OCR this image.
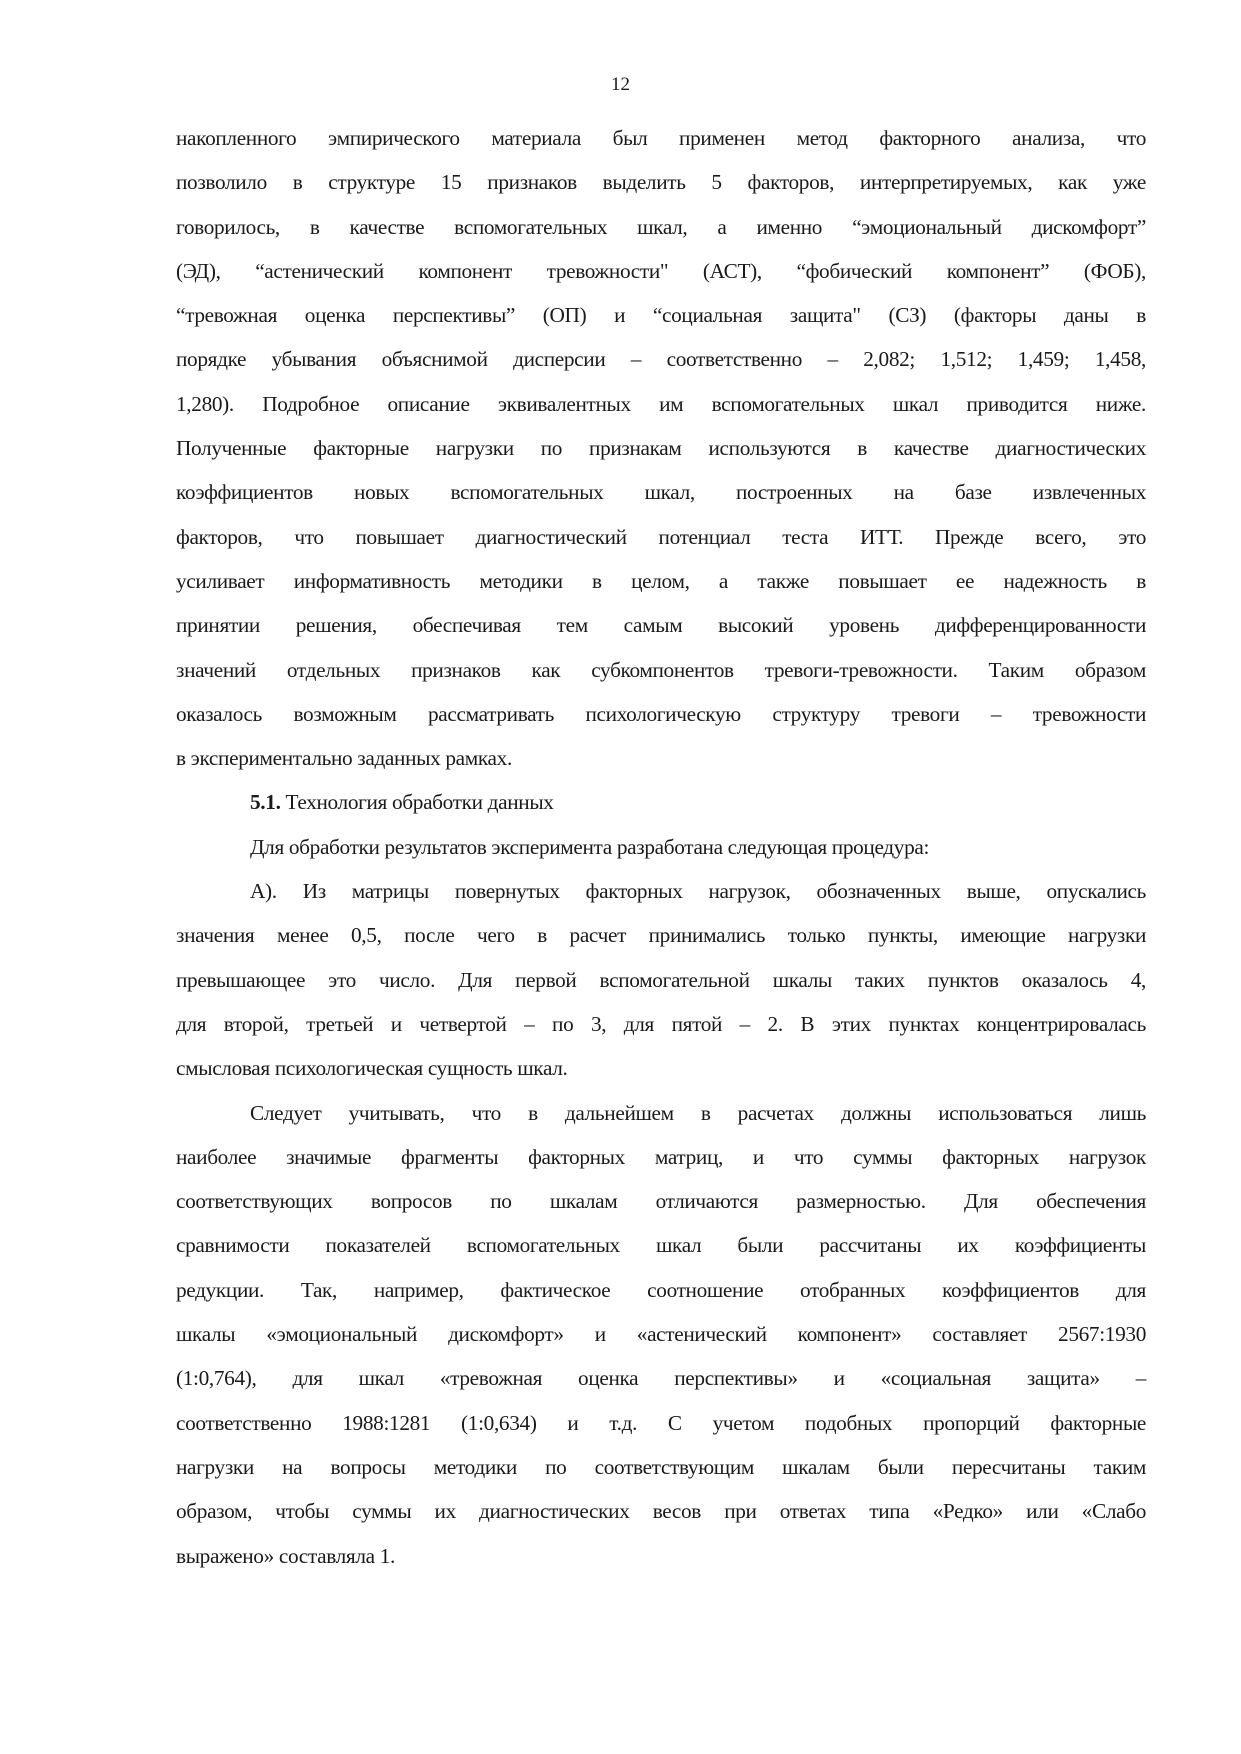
12
накопленного эмпирического материала был применен метод факторного анализа, что
позволило в структуре 15 признаков выделить 5 факторов, интерпретируемых, как уже
говорилось, в качестве вспомогательных шкал, а именно “эмоциональный дискомфорт”
(ЭД), “астенический компонент тревожности" (АСТ), “фобический компонент” (ФОБ),
“тревожная оценка перспективы” (ОП) и “социальная защита" (СЗ) (факторы даны в
порядке убывания объяснимой дисперсии – соответственно – 2,082; 1,512; 1,459; 1,458,
1,280). Подробное описание эквивалентных им вспомогательных шкал приводится ниже.
Полученные факторные нагрузки по признакам используются в качестве диагностических
коэффициентов новых вспомогательных шкал, построенных на базе извлеченных
факторов, что повышает диагностический потенциал теста ИТТ. Прежде всего, это
усиливает информативность методики в целом, а также повышает ее надежность в
принятии решения, обеспечивая тем самым высокий уровень дифференцированности
значений отдельных признаков как субкомпонентов тревоги-тревожности. Таким образом
оказалось возможным рассматривать психологическую структуру тревоги – тревожности
в экспериментально заданных рамках.
5.1. Технология обработки данных
Для обработки результатов эксперимента разработана следующая процедура:
А). Из матрицы повернутых факторных нагрузок, обозначенных выше, опускались
значения менее 0,5, после чего в расчет принимались только пункты, имеющие нагрузки
превышающее это число. Для первой вспомогательной шкалы таких пунктов оказалось 4,
для второй, третьей и четвертой – по 3, для пятой – 2. В этих пунктах концентрировалась
смысловая психологическая сущность шкал.
Следует учитывать, что в дальнейшем в расчетах должны использоваться лишь
наиболее значимые фрагменты факторных матриц, и что суммы факторных нагрузок
соответствующих вопросов по шкалам отличаются размерностью. Для обеспечения
сравнимости показателей вспомогательных шкал были рассчитаны их коэффициенты
редукции. Так, например, фактическое соотношение отобранных коэффициентов для
шкалы «эмоциональный дискомфорт» и «астенический компонент» составляет 2567:1930
(1:0,764), для шкал «тревожная оценка перспективы» и «социальная защита» –
соответственно 1988:1281 (1:0,634) и т.д. С учетом подобных пропорций факторные
нагрузки на вопросы методики по соответствующим шкалам были пересчитаны таким
образом, чтобы суммы их диагностических весов при ответах типа «Редко» или «Слабо
выражено» составляла 1.
